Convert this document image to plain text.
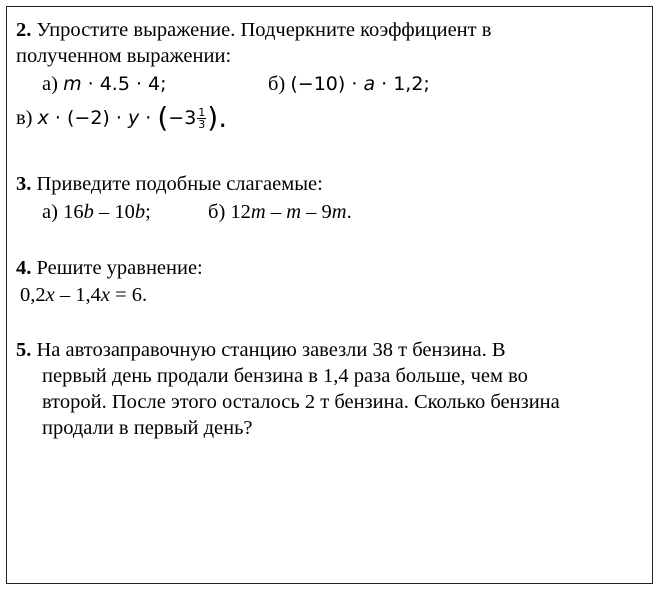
2. Упростите выражение. Подчеркните коэффициент в
полученном выражении:
а) m · 4.5 · 4;	б) (−10) · a · 1,2;
в) $x \cdot (-2) \cdot y \cdot (-3 \frac{1}{3}$ ).
3. Приведите подобные слагаемые:
а) 16b – 10b;	б) 12m – m – 9m.
4. Решите уравнение:
0,2x – 1,4x = 6.
5. На автозаправочную станцию завезли 38 т бензина. В
первый день продали бензина в 1,4 раза больше, чем во
второй. После этого осталось 2 т бензина. Сколько бензина
продали в первый день?
